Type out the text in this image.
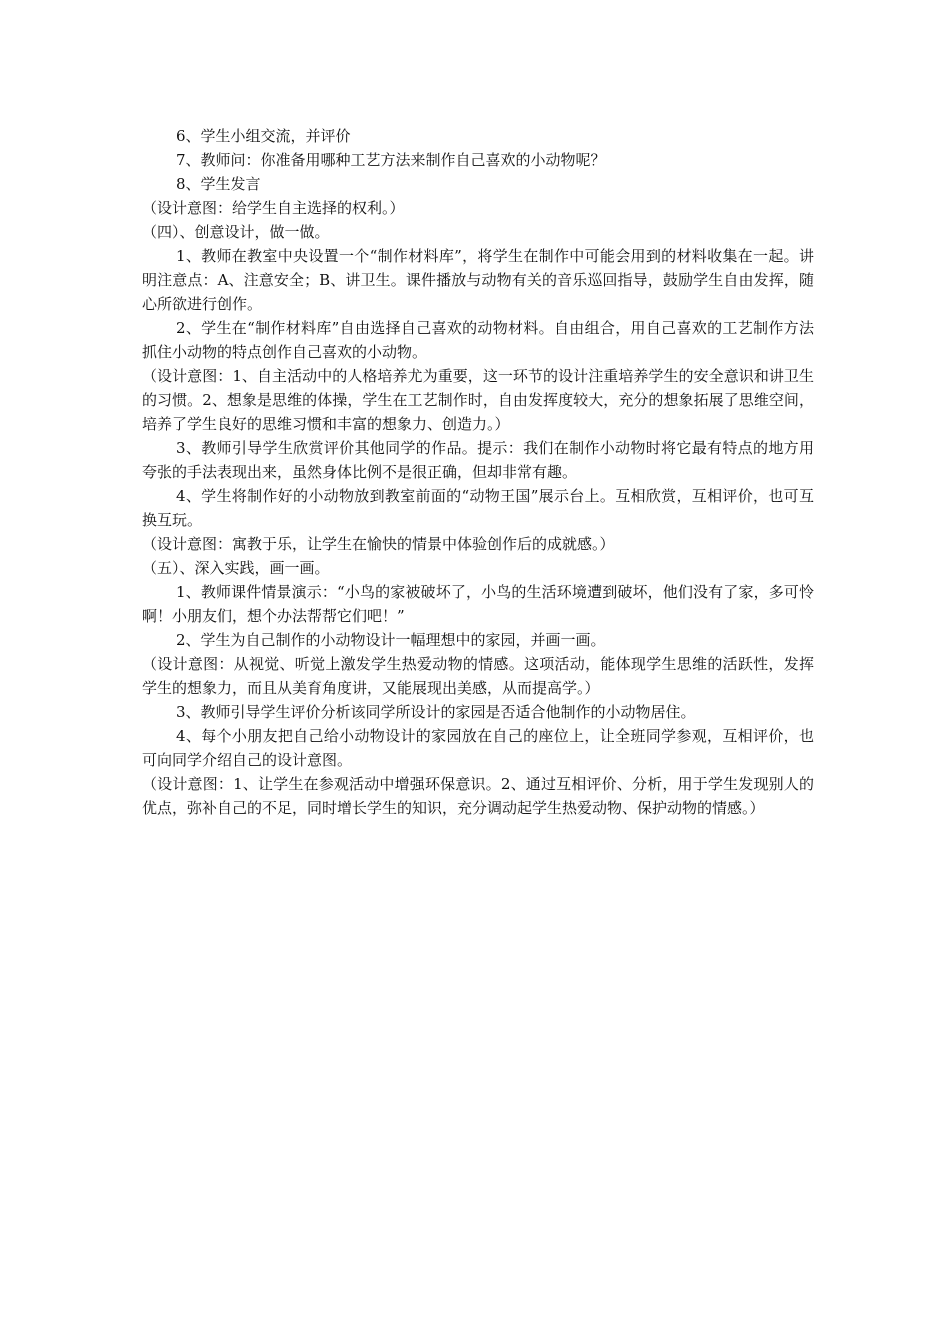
6、学生小组交流，并评价

7、教师问：你准备用哪种工艺方法来制作自己喜欢的小动物呢？

8、学生发言

（设计意图：给学生自主选择的权利。）

（四）、创意设计，做一做。

1、教师在教室中央设置一个“制作材料库”，将学生在制作中可能会用到的材料收集在一起。讲明注意点：A、注意安全；B、讲卫生。课件播放与动物有关的音乐巡回指导，鼓励学生自由发挥，随心所欲进行创作。

2、学生在“制作材料库”自由选择自己喜欢的动物材料。自由组合，用自己喜欢的工艺制作方法抓住小动物的特点创作自己喜欢的小动物。

（设计意图：1、自主活动中的人格培养尤为重要，这一环节的设计注重培养学生的安全意识和讲卫生的习惯。2、想象是思维的体操，学生在工艺制作时，自由发挥度较大，充分的想象拓展了思维空间，培养了学生良好的思维习惯和丰富的想象力、创造力。）

3、教师引导学生欣赏评价其他同学的作品。提示：我们在制作小动物时将它最有特点的地方用夸张的手法表现出来，虽然身体比例不是很正确，但却非常有趣。

4、学生将制作好的小动物放到教室前面的“动物王国”展示台上。互相欣赏，互相评价，也可互换互玩。

（设计意图：寓教于乐，让学生在愉快的情景中体验创作后的成就感。）

（五）、深入实践，画一画。

1、教师课件情景演示：“小鸟的家被破坏了，小鸟的生活环境遭到破坏，他们没有了家，多可怜啊！小朋友们，想个办法帮帮它们吧！”

2、学生为自己制作的小动物设计一幅理想中的家园，并画一画。

（设计意图：从视觉、听觉上激发学生热爱动物的情感。这项活动，能体现学生思维的活跃性，发挥学生的想象力，而且从美育角度讲，又能展现出美感，从而提高学。）

3、教师引导学生评价分析该同学所设计的家园是否适合他制作的小动物居住。

4、每个小朋友把自己给小动物设计的家园放在自己的座位上，让全班同学参观，互相评价，也可向同学介绍自己的设计意图。

（设计意图：1、让学生在参观活动中增强环保意识。2、通过互相评价、分析，用于学生发现别人的优点，弥补自己的不足，同时增长学生的知识，充分调动起学生热爱动物、保护动物的情感。）
